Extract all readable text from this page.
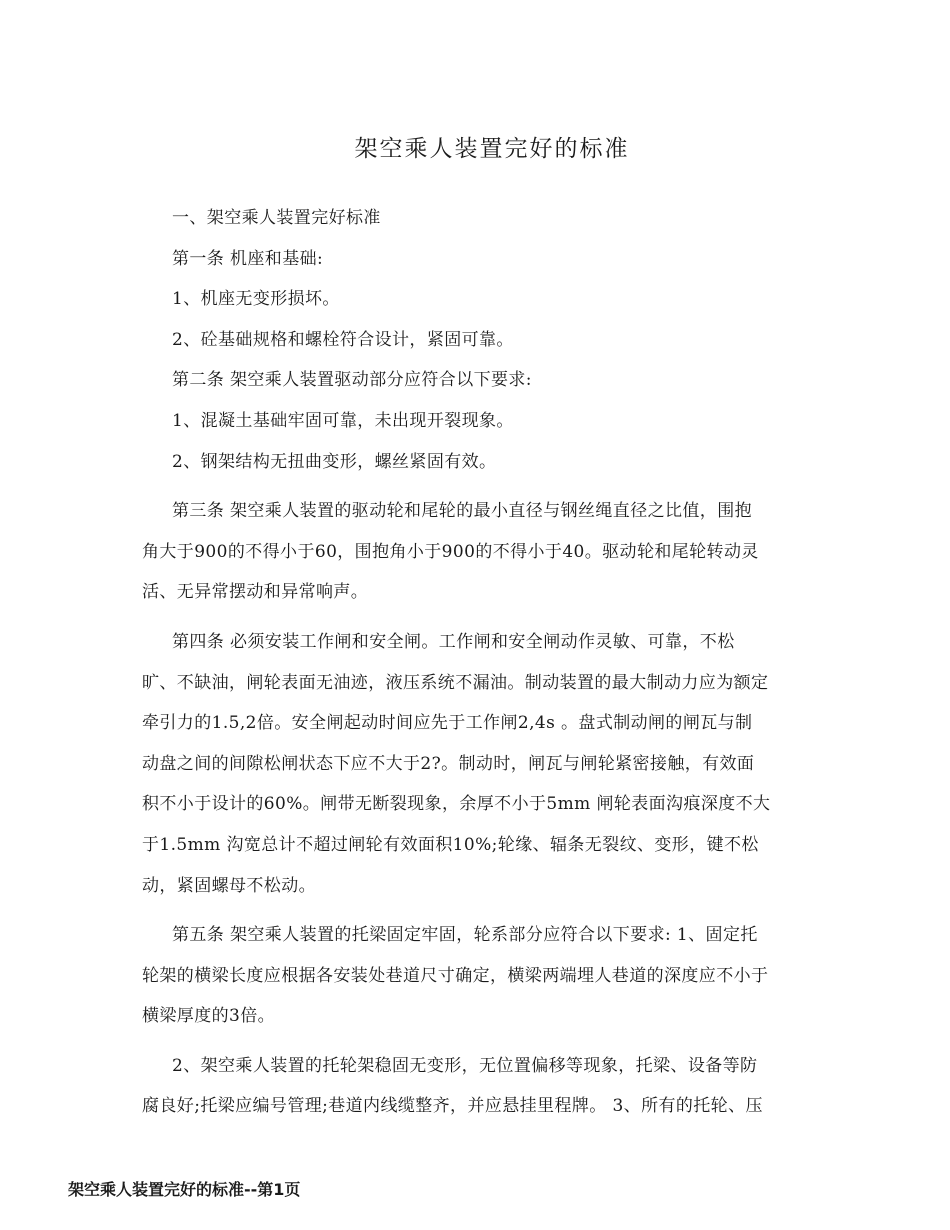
架空乘人装置完好的标准
一、架空乘人装置完好标准
第一条 机座和基础:
1、机座无变形损坏。
2、砼基础规格和螺栓符合设计，紧固可靠。
第二条 架空乘人装置驱动部分应符合以下要求:
1、混凝土基础牢固可靠，未出现开裂现象。
2、钢架结构无扭曲变形，螺丝紧固有效。
第三条 架空乘人装置的驱动轮和尾轮的最小直径与钢丝绳直径之比值，围抱
角大于900的不得小于60，围抱角小于900的不得小于40。驱动轮和尾轮转动灵
活、无异常摆动和异常响声。
第四条 必须安装工作闸和安全闸。工作闸和安全闸动作灵敏、可靠，不松
旷、不缺油，闸轮表面无油迹，液压系统不漏油。制动装置的最大制动力应为额定
牵引力的1.5,2倍。安全闸起动时间应先于工作闸2,4s 。盘式制动闸的闸瓦与制
动盘之间的间隙松闸状态下应不大于2?。制动时，闸瓦与闸轮紧密接触，有效面
积不小于设计的60%。闸带无断裂现象，余厚不小于5mm 闸轮表面沟痕深度不大
于1.5mm 沟宽总计不超过闸轮有效面积10%;轮缘、辐条无裂纹、变形，键不松
动，紧固螺母不松动。
第五条 架空乘人装置的托梁固定牢固，轮系部分应符合以下要求: 1、固定托
轮架的横梁长度应根据各安装处巷道尺寸确定，横梁两端埋人巷道的深度应不小于
横梁厚度的3倍。
2、架空乘人装置的托轮架稳固无变形，无位置偏移等现象，托梁、设备等防
腐良好;托梁应编号管理;巷道内线缆整齐，并应悬挂里程牌。 3、所有的托轮、压
架空乘人装置完好的标准--第1页
